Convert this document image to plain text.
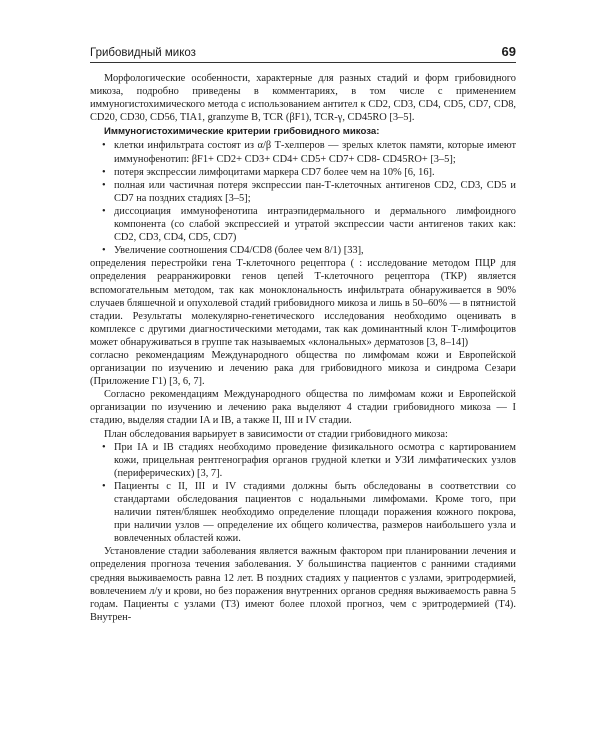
Грибовидный микоз	69

Морфологические особенности, характерные для разных стадий и форм грибовидного микоза, подробно приведены в комментариях, в том числе с применением иммуногистохимического метода с использованием антител к CD2, CD3, CD4, CD5, CD7, CD8, CD20, CD30, CD56, TIA1, granzyme B, TCR (βF1), TCR-γ, CD45RO [3–5].

Иммуногистохимические критерии грибовидного микоза:
• клетки инфильтрата состоят из α/β Т-хелперов — зрелых клеток памяти, которые имеют иммунофенотип: βF1+ CD2+ CD3+ CD4+ CD5+ CD7+ CD8- CD45RO+ [3–5];
• потеря экспрессии лимфоцитами маркера CD7 более чем на 10% [6, 16].
• полная или частичная потеря экспрессии пан-Т-клеточных антигенов CD2, CD3, CD5 и CD7 на поздних стадиях [3–5];
• диссоциация иммунофенотипа интраэпидермального и дермального лимфоидного компонента (со слабой экспрессией и утратой экспрессии части антигенов таких как: CD2, CD3, CD4, CD5, CD7)
• Увеличение соотношения CD4/CD8 (более чем 8/1) [33],

определения перестройки гена Т-клеточного рецептора ( : исследование методом ПЦР для определения реаррaнжировки генов цепей Т-клеточного рецептора (ТКР) является вспомогательным методом, так как моноклональность инфильтрата обнаруживается в 90% случаев бляшечной и опухолевой стадий грибовидного микоза и лишь в 50–60% — в пятнистой стадии. Результаты молекулярно-генетического исследования необходимо оценивать в комплексе с другими диагностическими методами, так как доминантный клон Т-лимфоцитов может обнаруживаться в группе так называемых «клональных» дерматозов [3, 8–14])

согласно рекомендациям Международного общества по лимфомам кожи и Европейской организации по изучению и лечению рака для грибовидного микоза и синдрома Сезари (Приложение Г1) [3, 6, 7].

Согласно рекомендациям Международного общества по лимфомам кожи и Европейской организации по изучению и лечению рака выделяют 4 стадии грибовидного микоза — I стадию, выделяя стадии IA и IB, а также II, III и IV стадии.

План обследования варьирует в зависимости от стадии грибовидного микоза:

• При IA и IB стадиях необходимо проведение физикального осмотра с картированием кожи, прицельная рентгенография органов грудной клетки и УЗИ лимфатических узлов (периферических) [3, 7].
• Пациенты с II, III и IV стадиями должны быть обследованы в соответствии со стандартами обследования пациентов с нодальными лимфомами. Кроме того, при наличии пятен/бляшек необходимо определение площади поражения кожного покрова, при наличии узлов — определение их общего количества, размеров наибольшего узла и вовлеченных областей кожи.

Установление стадии заболевания является важным фактором при планировании лечения и определения прогноза течения заболевания. У большинства пациентов с ранними стадиями средняя выживаемость равна 12 лет. В поздних стадиях у пациентов с узлами, эритродермией, вовлечением л/у и крови, но без поражения внутренних органов средняя выживаемость равна 5 годам. Пациенты с узлами (Т3) имеют более плохой прогноз, чем с эритродермией (Т4). Внутрен-
